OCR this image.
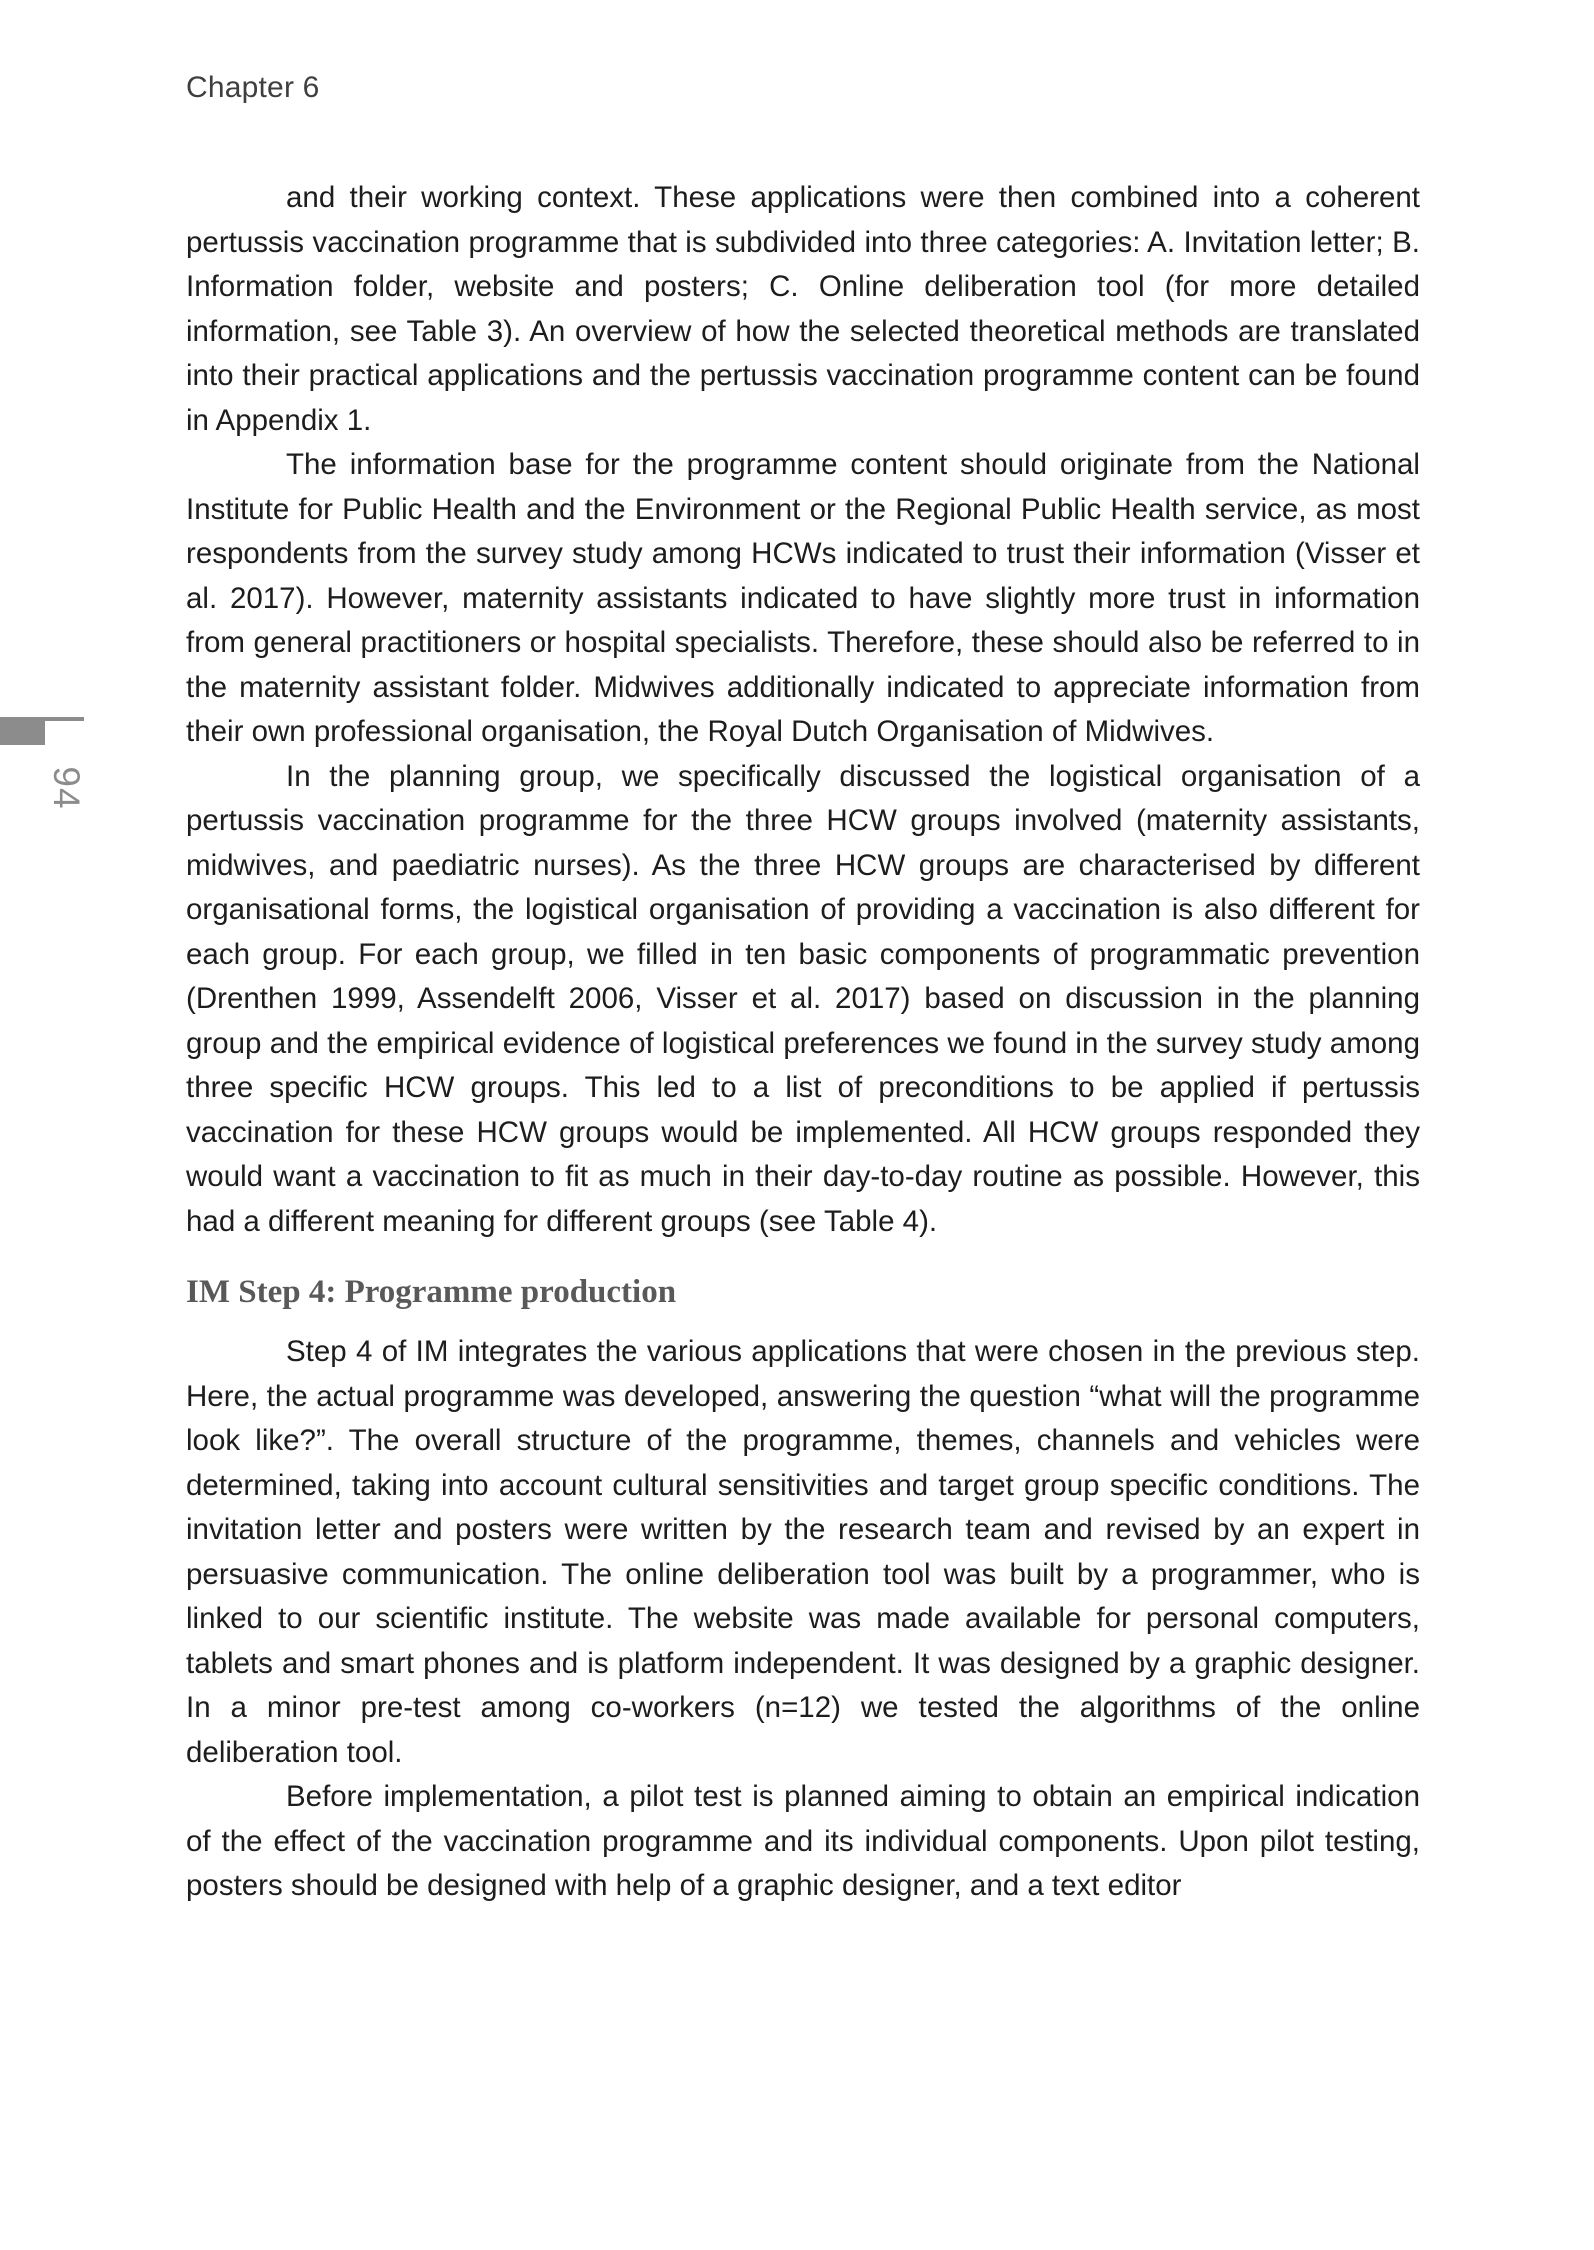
Chapter 6
94

and their working context. These applications were then combined into a coherent pertussis vaccination programme that is subdivided into three categories: A. Invitation letter; B. Information folder, website and posters; C. Online deliberation tool (for more detailed information, see Table 3). An overview of how the selected theoretical methods are translated into their practical applications and the pertussis vaccination programme content can be found in Appendix 1.

The information base for the programme content should originate from the National Institute for Public Health and the Environment or the Regional Public Health service, as most respondents from the survey study among HCWs indicated to trust their information (Visser et al. 2017). However, maternity assistants indicated to have slightly more trust in information from general practitioners or hospital specialists. Therefore, these should also be referred to in the maternity assistant folder. Midwives additionally indicated to appreciate information from their own professional organisation, the Royal Dutch Organisation of Midwives.

In the planning group, we specifically discussed the logistical organisation of a pertussis vaccination programme for the three HCW groups involved (maternity assistants, midwives, and paediatric nurses). As the three HCW groups are characterised by different organisational forms, the logistical organisation of providing a vaccination is also different for each group. For each group, we filled in ten basic components of programmatic prevention (Drenthen 1999, Assendelft 2006, Visser et al. 2017) based on discussion in the planning group and the empirical evidence of logistical preferences we found in the survey study among three specific HCW groups. This led to a list of preconditions to be applied if pertussis vaccination for these HCW groups would be implemented. All HCW groups responded they would want a vaccination to fit as much in their day-to-day routine as possible. However, this had a different meaning for different groups (see Table 4).

IM Step 4: Programme production

Step 4 of IM integrates the various applications that were chosen in the previous step. Here, the actual programme was developed, answering the question “what will the programme look like?”. The overall structure of the programme, themes, channels and vehicles were determined, taking into account cultural sensitivities and target group specific conditions. The invitation letter and posters were written by the research team and revised by an expert in persuasive communication. The online deliberation tool was built by a programmer, who is linked to our scientific institute. The website was made available for personal computers, tablets and smart phones and is platform independent. It was designed by a graphic designer. In a minor pre-test among co-workers (n=12) we tested the algorithms of the online deliberation tool.

Before implementation, a pilot test is planned aiming to obtain an empirical indication of the effect of the vaccination programme and its individual components. Upon pilot testing, posters should be designed with help of a graphic designer, and a text editor
